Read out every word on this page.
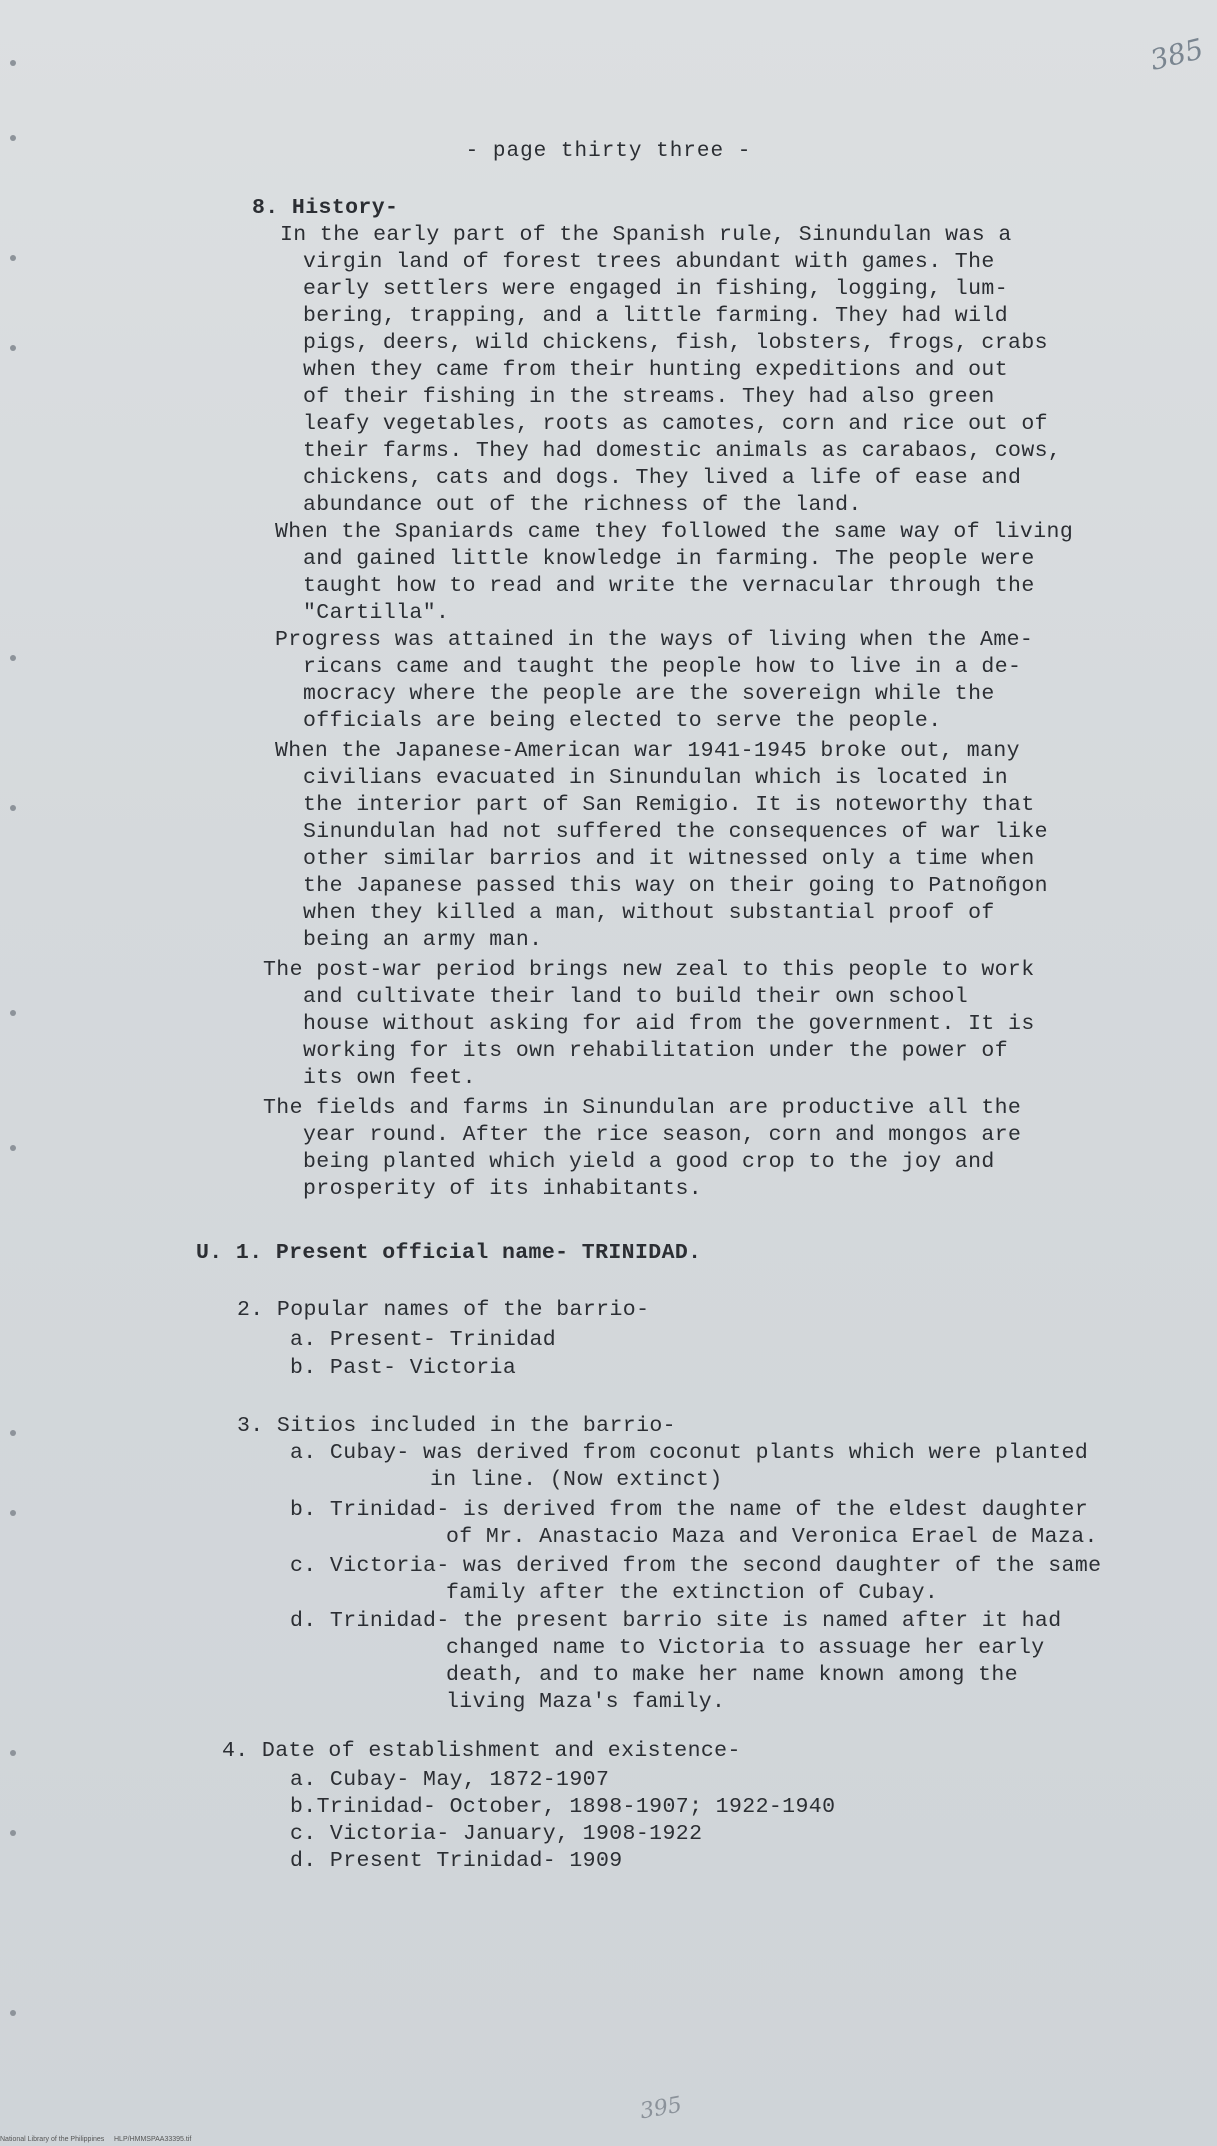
385
- page thirty three -
8. History-
In the early part of the Spanish rule, Sinundulan was a
virgin land of forest trees abundant with games. The
early settlers were engaged in fishing, logging, lum-
bering, trapping, and a little farming. They had wild
pigs, deers, wild chickens, fish, lobsters, frogs, crabs
when they came from their hunting expeditions and out
of their fishing in the streams. They had also green
leafy vegetables, roots as camotes, corn and rice out of
their farms. They had domestic animals as carabaos, cows,
chickens, cats and dogs. They lived a life of ease and
abundance out of the richness of the land.
When the Spaniards came they followed the same way of living
and gained little knowledge in farming. The people were
taught how to read and write the vernacular through the
"Cartilla".
Progress was attained in the ways of living when the Ame-
ricans came and taught the people how to live in a de-
mocracy where the people are the sovereign while the
officials are being elected to serve the people.
When the Japanese-American war 1941-1945 broke out, many
civilians evacuated in Sinundulan which is located in
the interior part of San Remigio. It is noteworthy that
Sinundulan had not suffered the consequences of war like
other similar barrios and it witnessed only a time when
the Japanese passed this way on their going to Patnoñgon
when they killed a man, without substantial proof of
being an army man.
The post-war period brings new zeal to this people to work
and cultivate their land to build their own school
house without asking for aid from the government. It is
working for its own rehabilitation under the power of
its own feet.
The fields and farms in Sinundulan are productive all the
year round. After the rice season, corn and mongos are
being planted which yield a good crop to the joy and
prosperity of its inhabitants.
U. 1. Present official name- TRINIDAD.
2. Popular names of the barrio-
a. Present- Trinidad
b. Past- Victoria
3. Sitios included in the barrio-
a. Cubay- was derived from coconut plants which were planted
in line. (Now extinct)
b. Trinidad- is derived from the name of the eldest daughter
of Mr. Anastacio Maza and Veronica Erael de Maza.
c. Victoria- was derived from the second daughter of the same
family after the extinction of Cubay.
d. Trinidad- the present barrio site is named after it had
changed name to Victoria to assuage her early
death, and to make her name known among the
living Maza's family.
4. Date of establishment and existence-
a. Cubay- May, 1872-1907
b.Trinidad- October, 1898-1907; 1922-1940
c. Victoria- January, 1908-1922
d. Present Trinidad- 1909
395
National Library of the Philippines     HLP/HMMSPAA33395.tif
